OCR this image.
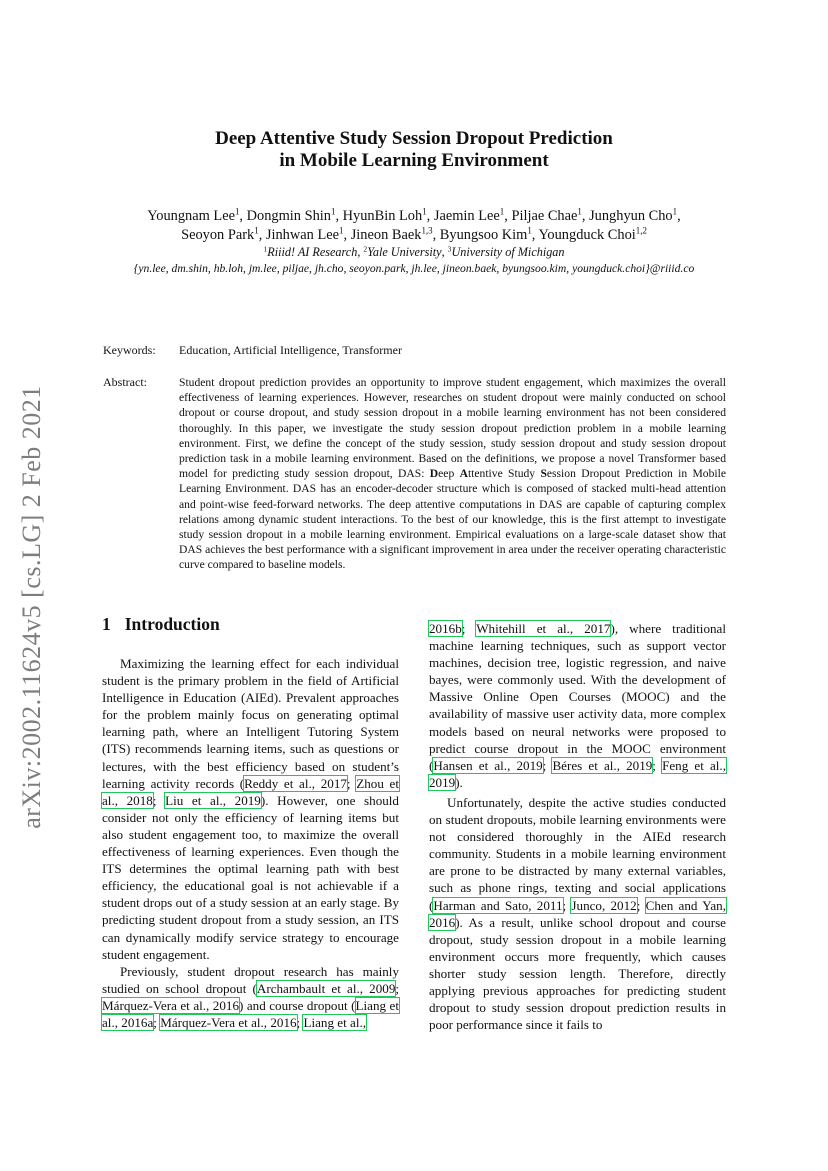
arXiv:2002.11624v5 [cs.LG] 2 Feb 2021
Deep Attentive Study Session Dropout Prediction
in Mobile Learning Environment
Youngnam Lee$^1$, Dongmin Shin$^1$, HyunBin Loh$^1$, Jaemin Lee$^1$, Piljae Chae$^1$, Junghyun Cho$^1$,
Seoyon Park$^1$, Jinhwan Lee$^1$, Jineon Baek$^{1,3}$, Byungsoo Kim$^1$, Youngduck Choi$^{1,2}$
$^1$Riiid! AI Research, $^2$Yale University, $^3$University of Michigan
{yn.lee, dm.shin, hb.loh, jm.lee, piljae, jh.cho, seoyon.park, jh.lee, jineon.baek, byungsoo.kim, youngduck.choi}@riiid.co
Keywords: Education, Artificial Intelligence, Transformer
Abstract:	Student dropout prediction provides an opportunity to improve student engagement, which maximizes the overall effectiveness of learning experiences. However, researches on student dropout were mainly conducted on school dropout or course dropout, and study session dropout in a mobile learning environment has not been considered thoroughly. In this paper, we investigate the study session dropout prediction problem in a mobile learning environment. First, we define the concept of the study session, study session dropout and study session dropout prediction task in a mobile learning environment. Based on the definitions, we propose a novel Transformer based model for predicting study session dropout, DAS: Deep Attentive Study Session Dropout Prediction in Mobile Learning Environment. DAS has an encoder-decoder structure which is composed of stacked multi-head attention and point-wise feed-forward networks. The deep attentive computations in DAS are capable of capturing complex relations among dynamic student interactions. To the best of our knowledge, this is the first attempt to investigate study session dropout in a mobile learning environment. Empirical evaluations on a large-scale dataset show that DAS achieves the best performance with a significant improvement in area under the receiver operating characteristic curve compared to baseline models.
1 Introduction

Maximizing the learning effect for each individual student is the primary problem in the field of Artificial Intelligence in Education (AIEd). Prevalent approaches for the problem mainly focus on generating optimal learning path, where an Intelligent Tutoring System (ITS) recommends learning items, such as questions or lectures, with the best efficiency based on student’s learning activity records (Reddy et al., 2017; Zhou et al., 2018; Liu et al., 2019). However, one should consider not only the efficiency of learning items but also student engagement too, to maximize the overall effectiveness of learning experiences. Even though the ITS determines the optimal learning path with best efficiency, the educational goal is not achievable if a student drops out of a study session at an early stage. By predicting student dropout from a study session, an ITS can dynamically modify service strategy to encourage student engagement.

Previously, student dropout research has mainly studied on school dropout (Archambault et al., 2009; Márquez-Vera et al., 2016) and course dropout (Liang et al., 2016a; Márquez-Vera et al., 2016; Liang et al.,

2016b; Whitehill et al., 2017), where traditional machine learning techniques, such as support vector machines, decision tree, logistic regression, and naive bayes, were commonly used. With the development of Massive Online Open Courses (MOOC) and the availability of massive user activity data, more complex models based on neural networks were proposed to predict course dropout in the MOOC environment (Hansen et al., 2019; Béres et al., 2019; Feng et al., 2019).

Unfortunately, despite the active studies conducted on student dropouts, mobile learning environments were not considered thoroughly in the AIEd research community. Students in a mobile learning environment are prone to be distracted by many external variables, such as phone rings, texting and social applications (Harman and Sato, 2011; Junco, 2012; Chen and Yan, 2016). As a result, unlike school dropout and course dropout, study session dropout in a mobile learning environment occurs more frequently, which causes shorter study session length. Therefore, directly applying previous approaches for predicting student dropout to study session dropout prediction results in poor performance since it fails to
